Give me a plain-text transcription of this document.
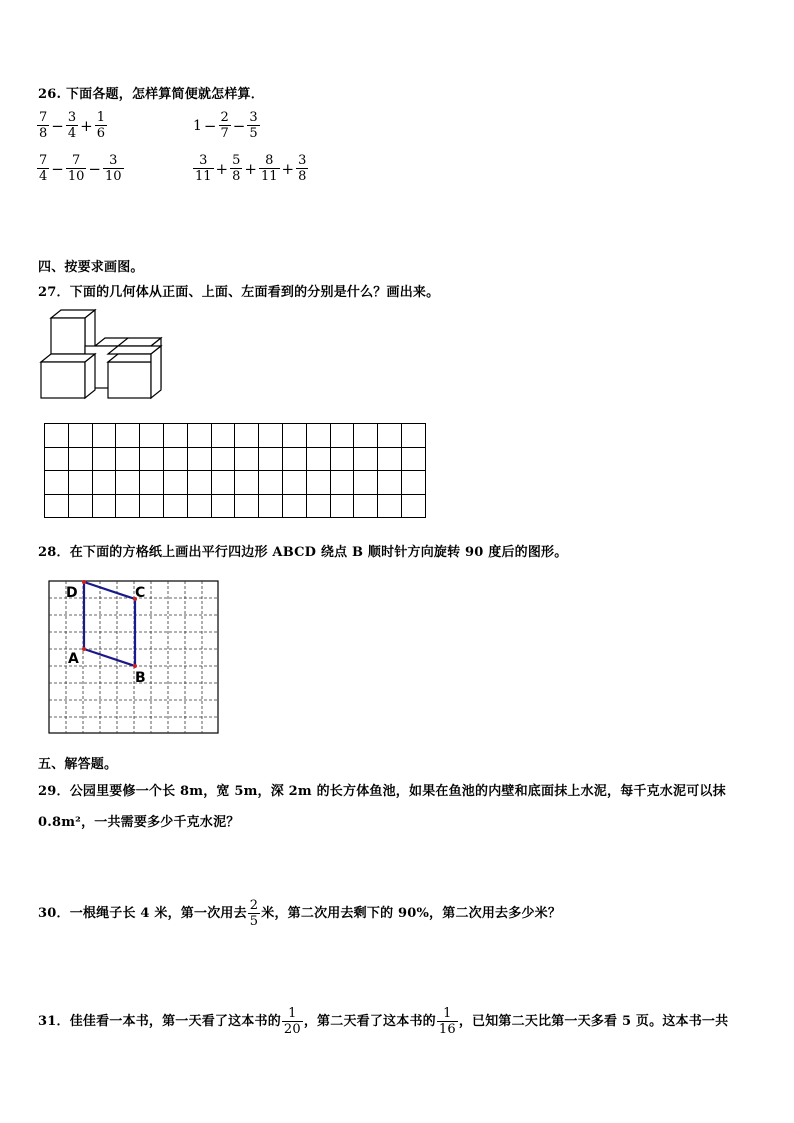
26. 下面各题，怎样算简便就怎样算．
$\frac{7}{8} - \frac{3}{4} + \frac{1}{6}$	$1 - \frac{2}{7} - \frac{3}{5}$
$\frac{7}{4} - \frac{7}{10} - \frac{3}{10}$	$\frac{3}{11} + \frac{5}{8} + \frac{8}{11} + \frac{3}{8}$
四、按要求画图。
27．下面的几何体从正面、上面、左面看到的分别是什么？画出来。

28．在下面的方格纸上画出平行四边形 ABCD 绕点 B 顺时针方向旋转 90 度后的图形。
D	C
A
B
五、解答题。
29．公园里要修一个长 8m，宽 5m，深 2m 的长方体鱼池，如果在鱼池的内壁和底面抹上水泥，每千克水泥可以抹
0.8m²，一共需要多少千克水泥？
30．一根绳子长 4 米，第一次用去 $\frac{2}{5}$ 米，第二次用去剩下的 90%，第二次用去多少米？
31．佳佳看一本书，第一天看了这本书的 $\frac{1}{20}$ ，第二天看了这本书的 $\frac{1}{16}$ ，已知第二天比第一天多看 5 页。这本书一共
